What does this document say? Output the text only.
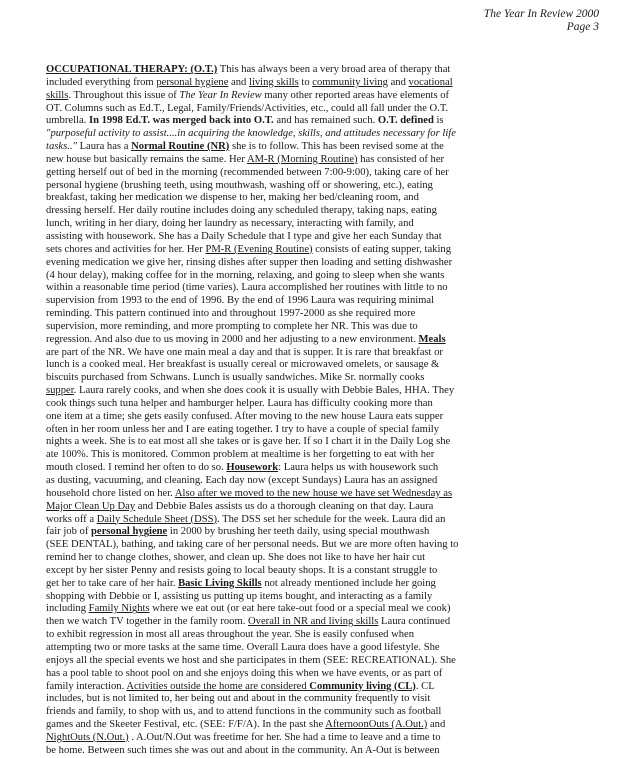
The Year In Review 2000
Page 3
OCCUPATIONAL THERAPY: (O.T.) This has always been a very broad area of therapy that
included everything from personal hygiene and living skills to community living and vocational
skills. Throughout this issue of The Year In Review many other reported areas have elements of
OT. Columns such as Ed.T., Legal, Family/Friends/Activities, etc., could all fall under the O.T.
umbrella. In 1998 Ed.T. was merged back into O.T. and has remained such. O.T. defined is
"purposeful activity to assist....in acquiring the knowledge, skills, and attitudes necessary for life
tasks.." Laura has a Normal Routine (NR) she is to follow. This has been revised some at the
new house but basically remains the same. Her AM-R (Morning Routine) has consisted of her
getting herself out of bed in the morning (recommended between 7:00-9:00), taking care of her
personal hygiene (brushing teeth, using mouthwash, washing off or showering, etc.), eating
breakfast, taking her medication we dispense to her, making her bed/cleaning room, and
dressing herself. Her daily routine includes doing any scheduled therapy, taking naps, eating
lunch, writing in her diary, doing her laundry as necessary, interacting with family, and
assisting with housework. She has a Daily Schedule that I type and give her each Sunday that
sets chores and activities for her. Her PM-R (Evening Routine) consists of eating supper, taking
evening medication we give her, rinsing dishes after supper then loading and setting dishwasher
(4 hour delay), making coffee for in the morning, relaxing, and going to sleep when she wants
within a reasonable time period (time varies). Laura accomplished her routines with little to no
supervision from 1993 to the end of 1996. By the end of 1996 Laura was requiring minimal
reminding. This pattern continued into and throughout 1997-2000 as she required more
supervision, more reminding, and more prompting to complete her NR. This was due to
regression. And also due to us moving in 2000 and her adjusting to a new environment. Meals
are part of the NR. We have one main meal a day and that is supper. It is rare that breakfast or
lunch is a cooked meal. Her breakfast is usually cereal or microwaved omelets, or sausage &
biscuits purchased from Schwans. Lunch is usually sandwiches. Mike Sr. normally cooks
supper. Laura rarely cooks, and when she does cook it is usually with Debbie Bales, HHA. They
cook things such tuna helper and hamburger helper. Laura has difficulty cooking more than
one item at a time; she gets easily confused. After moving to the new house Laura eats supper
often in her room unless her and I are eating together. I try to have a couple of special family
nights a week. She is to eat most all she takes or is gave her. If so I chart it in the Daily Log she
ate 100%. This is monitored. Common problem at mealtime is her forgetting to eat with her
mouth closed. I remind her often to do so. Housework: Laura helps us with housework such
as dusting, vacuuming, and cleaning. Each day now (except Sundays) Laura has an assigned
household chore listed on her. Also after we moved to the new house we have set Wednesday as
Major Clean Up Day and Debbie Bales assists us do a thorough cleaning on that day. Laura
works off a Daily Schedule Sheet (DSS). The DSS set her schedule for the week. Laura did an
fair job of personal hygiene in 2000 by brushing her teeth daily, using special mouthwash
(SEE DENTAL), bathing, and taking care of her personal needs. But we are more often having to
remind her to change clothes, shower, and clean up. She does not like to have her hair cut
except by her sister Penny and resists going to local beauty shops. It is a constant struggle to
get her to take care of her hair. Basic Living Skills not already mentioned include her going
shopping with Debbie or I, assisting us putting up items bought, and interacting as a family
including Family Nights where we eat out (or eat here take-out food or a special meal we cook)
then we watch TV together in the family room. Overall in NR and living skills Laura continued
to exhibit regression in most all areas throughout the year. She is easily confused when
attempting two or more tasks at the same time. Overall Laura does have a good lifestyle. She
enjoys all the special events we host and she participates in them (SEE: RECREATIONAL). She
has a pool table to shoot pool on and she enjoys doing this when we have events, or as part of
family interaction. Activities outside the home are considered Community living (CL). CL
includes, but is not limited to, her being out and about in the community frequently to visit
friends and family, to shop with us, and to attend functions in the community such as football
games and the Skeeter Festival, etc. (SEE: F/F/A). In the past she AfternoonOuts (A.Out.) and
NightOuts (N.Out.) . A.Out/N.Out was freetime for her. She had a time to leave and a time to
be home. Between such times she was out and about in the community. An A-Out is between
